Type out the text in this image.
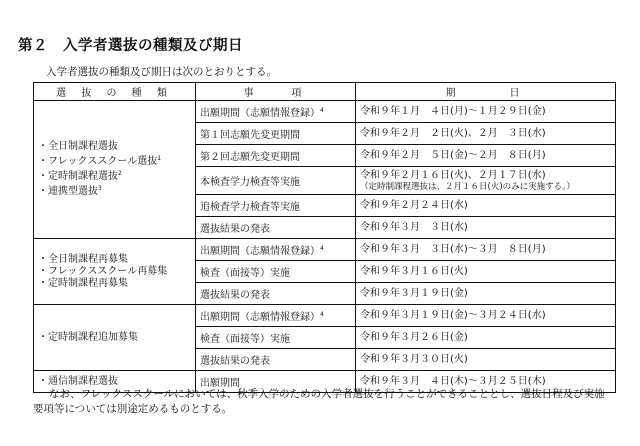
第２　入学者選抜の種類及び期日
入学者選抜の種類及び期日は次のとおりとする。
選 抜 の 種 類	事　　項	期　　　日

・全日制課程選抜
・フレックススクール選抜$^1$
・定時制課程選抜$^2$
・連携型選抜$^3$	出願期間（志願情報登録）$^4$	令和９年１月　４日(月)～１月２９日(金)

	第１回志願先変更期間	令和９年２月　２日(火)、２月　３日(水)

	第２回志願先変更期間	令和９年２月　５日(金)～２月　８日(月)

	本検査学力検査等実施	令和９年２月１６日(火)、２月１７日(水)
（定時制課程選抜は、２月１６日(火)のみに実施する。）

	追検査学力検査等実施	令和９年２月２４日(水)

	選抜結果の発表	令和９年３月　３日(水)

・全日制課程再募集
・フレックススクール再募集
・定時制課程再募集	出願期間（志願情報登録）$^4$	令和９年３月　３日(水)～３月　８日(月)

	検査（面接等）実施	令和９年３月１６日(火)

	選抜結果の発表	令和９年３月１９日(金)

・定時制課程追加募集	出願期間（志願情報登録）$^4$	令和９年３月１９日(金)～３月２４日(水)

	検査（面接等）実施	令和９年３月２６日(金)

	選抜結果の発表	令和９年３月３０日(火)

・通信制課程選抜	出願期間	令和９年３月　４日(木)～３月２５日(木)
なお、フレックススクールにおいては、秋季入学のための入学者選抜を行うことができることとし、選抜日程及び実施要項等については別途定めるものとする。
